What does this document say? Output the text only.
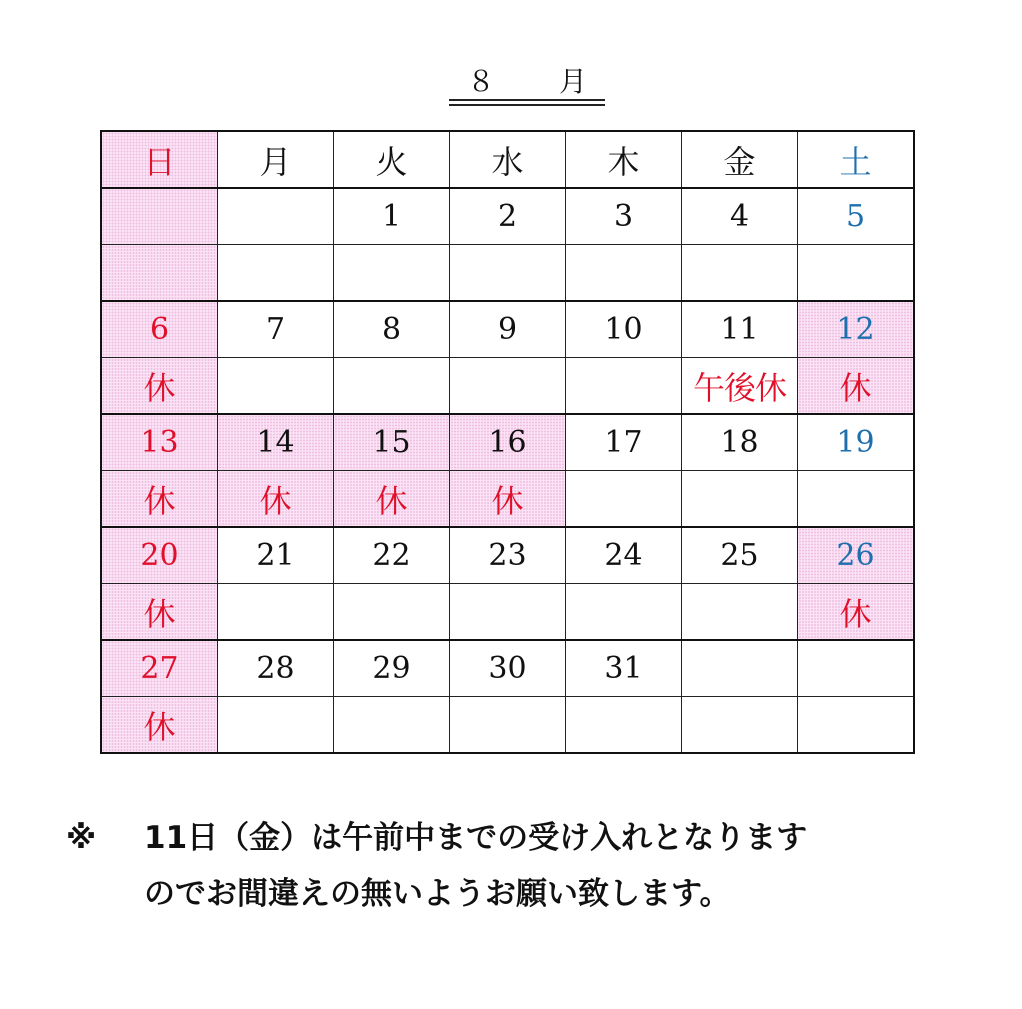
８　月
日	月	火	水	木	金	土
		1	2	3	4	5

6	7	8	9	10	11	12
休					午後休	休
13	14	15	16	17	18	19
休	休	休	休			
20	21	22	23	24	25	26
休						休
27	28	29	30	31		
休						
※ 11日（金）は午前中までの受け入れとなります
のでお間違えの無いようお願い致します。
